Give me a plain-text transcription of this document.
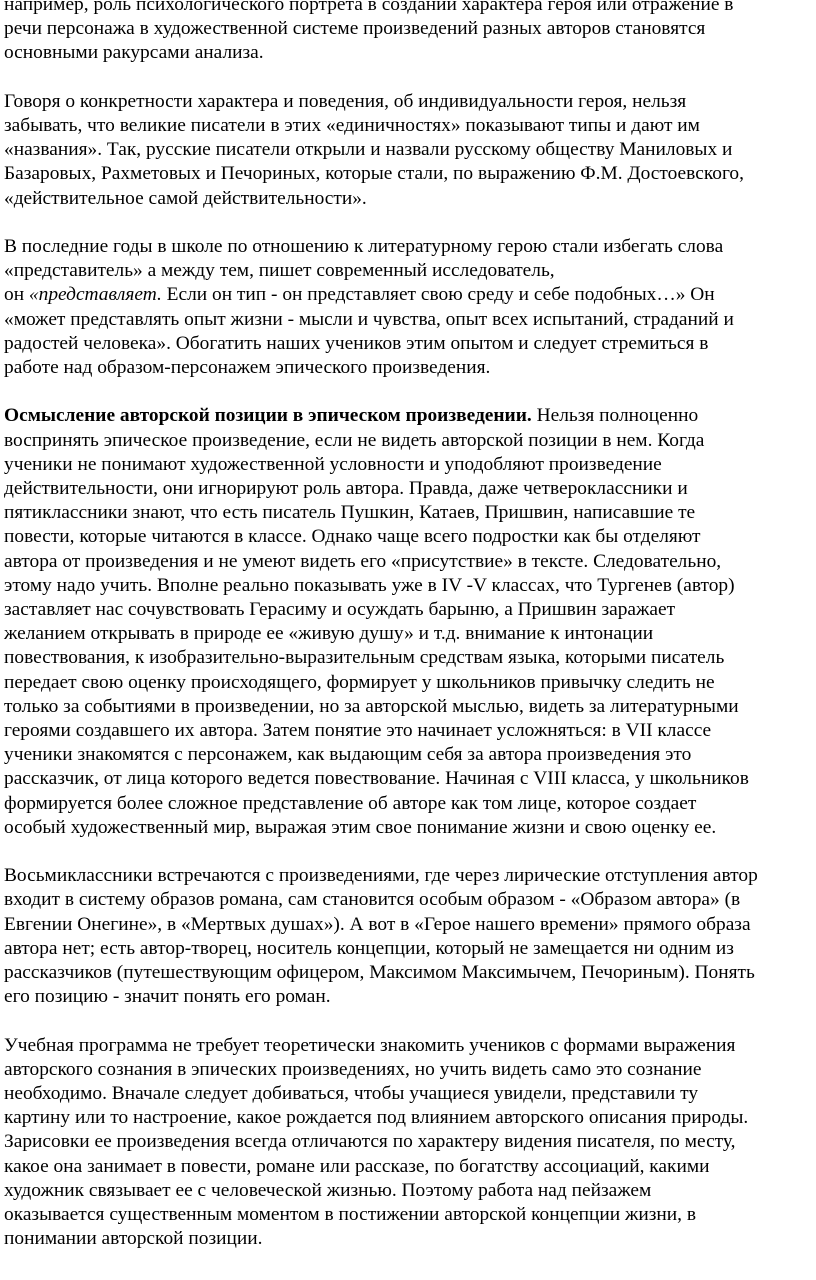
например, роль психологического портрета в создании характера героя или отражение в
речи персонажа в художественной системе произведений разных авторов становятся
основными ракурсами анализа.

Говоря о конкретности характера и поведения, об индивидуальности героя, нельзя
забывать, что великие писатели в этих «единичностях» показывают типы и дают им
«названия». Так, русские писатели открыли и назвали русскому обществу Маниловых и
Базаровых, Рахметовых и Печориных, которые стали, по выражению Ф.М. Достоевского,
«действительное самой действительности».

В последние годы в школе по отношению к литературному герою стали избегать слова
«представитель» а между тем, пишет современный исследователь,
он «представляет. Если он тип - он представляет свою среду и себе подобных…» Он
«может представлять опыт жизни - мысли и чувства, опыт всех испытаний, страданий и
радостей человека». Обогатить наших учеников этим опытом и следует стремиться в
работе над образом-персонажем эпического произведения.

Осмысление авторской позиции в эпическом произведении. Нельзя полноценно
воспринять эпическое произведение, если не видеть авторской позиции в нем. Когда
ученики не понимают художественной условности и уподобляют произведение
действительности, они игнорируют роль автора. Правда, даже четвероклассники и
пятиклассники знают, что есть писатель Пушкин, Катаев, Пришвин, написавшие те
повести, которые читаются в классе. Однако чаще всего подростки как бы отделяют
автора от произведения и не умеют видеть его «присутствие» в тексте. Следовательно,
этому надо учить. Вполне реально показывать уже в IV -V классах, что Тургенев (автор)
заставляет нас сочувствовать Герасиму и осуждать барыню, а Пришвин заражает
желанием открывать в природе ее «живую душу» и т.д. внимание к интонации
повествования, к изобразительно-выразительным средствам языка, которыми писатель
передает свою оценку происходящего, формирует у школьников привычку следить не
только за событиями в произведении, но за авторской мыслью, видеть за литературными
героями создавшего их автора. Затем понятие это начинает усложняться: в VII классе
ученики знакомятся с персонажем, как выдающим себя за автора произведения это
рассказчик, от лица которого ведется повествование. Начиная с VIII класса, у школьников
формируется более сложное представление об авторе как том лице, которое создает
особый художественный мир, выражая этим свое понимание жизни и свою оценку ее.

Восьмиклассники встречаются с произведениями, где через лирические отступления автор
входит в систему образов романа, сам становится особым образом - «Образом автора» (в
Евгении Онегине», в «Мертвых душах»). А вот в «Герое нашего времени» прямого образа
автора нет; есть автор-творец, носитель концепции, который не замещается ни одним из
рассказчиков (путешествующим офицером, Максимом Максимычем, Печориным). Понять
его позицию - значит понять его роман.

Учебная программа не требует теоретически знакомить учеников с формами выражения
авторского сознания в эпических произведениях, но учить видеть само это сознание
необходимо. Вначале следует добиваться, чтобы учащиеся увидели, представили ту
картину или то настроение, какое рождается под влиянием авторского описания природы.
Зарисовки ее произведения всегда отличаются по характеру видения писателя, по месту,
какое она занимает в повести, романе или рассказе, по богатству ассоциаций, какими
художник связывает ее с человеческой жизнью. Поэтому работа над пейзажем
оказывается существенным моментом в постижении авторской концепции жизни, в
понимании авторской позиции.
